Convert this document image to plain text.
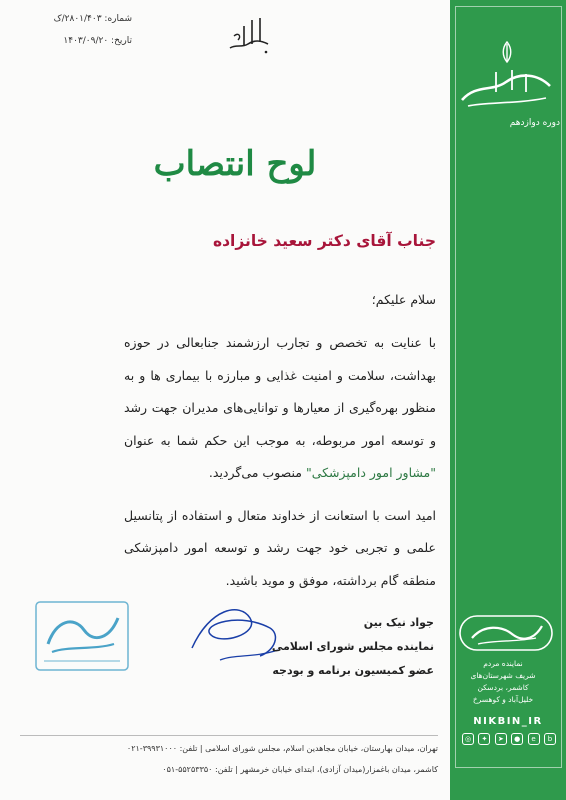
شماره: ۲۸۰۱/۴۰۳/ک
تاریخ: ۱۴۰۳/۰۹/۲۰
لوح انتصاب
جناب آقای دکتر سعید خانزاده
سلام علیکم؛

با عنایت به تخصص و تجارب ارزشمند جنابعالی در حوزه بهداشت، سلامت و امنیت غذایی و مبارزه با بیماری ها و به منظور بهره‌گیری از معیارها و توانایی‌های مدیران جهت رشد و توسعه امور مربوطه، به موجب این حکم شما به عنوان "مشاور امور دامپزشکی" منصوب می‌گردید.

امید است با استعانت از خداوند متعال و استفاده از پتانسیل علمی و تجربی خود جهت رشد و توسعه امور دامپزشکی منطقه گام برداشته، موفق و موید باشید.

جواد نیک بین
نماینده مجلس شورای اسلامی
عضو کمیسیون برنامه و بودجه
تهران، میدان بهارستان، خیابان مجاهدین اسلام، مجلس شورای اسلامی | تلفن: ۳۹۹۳۱۰۰۰-۰۲۱
کاشمر، میدان باغمزار(میدان آزادی)، ابتدای خیابان خرمشهر | تلفن: ۵۵۲۵۳۳۵۰-۰۵۱
دوره دوازدهم
نماینده مردم
شریف شهرستان‌های
کاشمر، بردسکن
خلیل‌آباد و کوهسرخ
NIKBIN_IR
◎	✦	➤	●	e	b
